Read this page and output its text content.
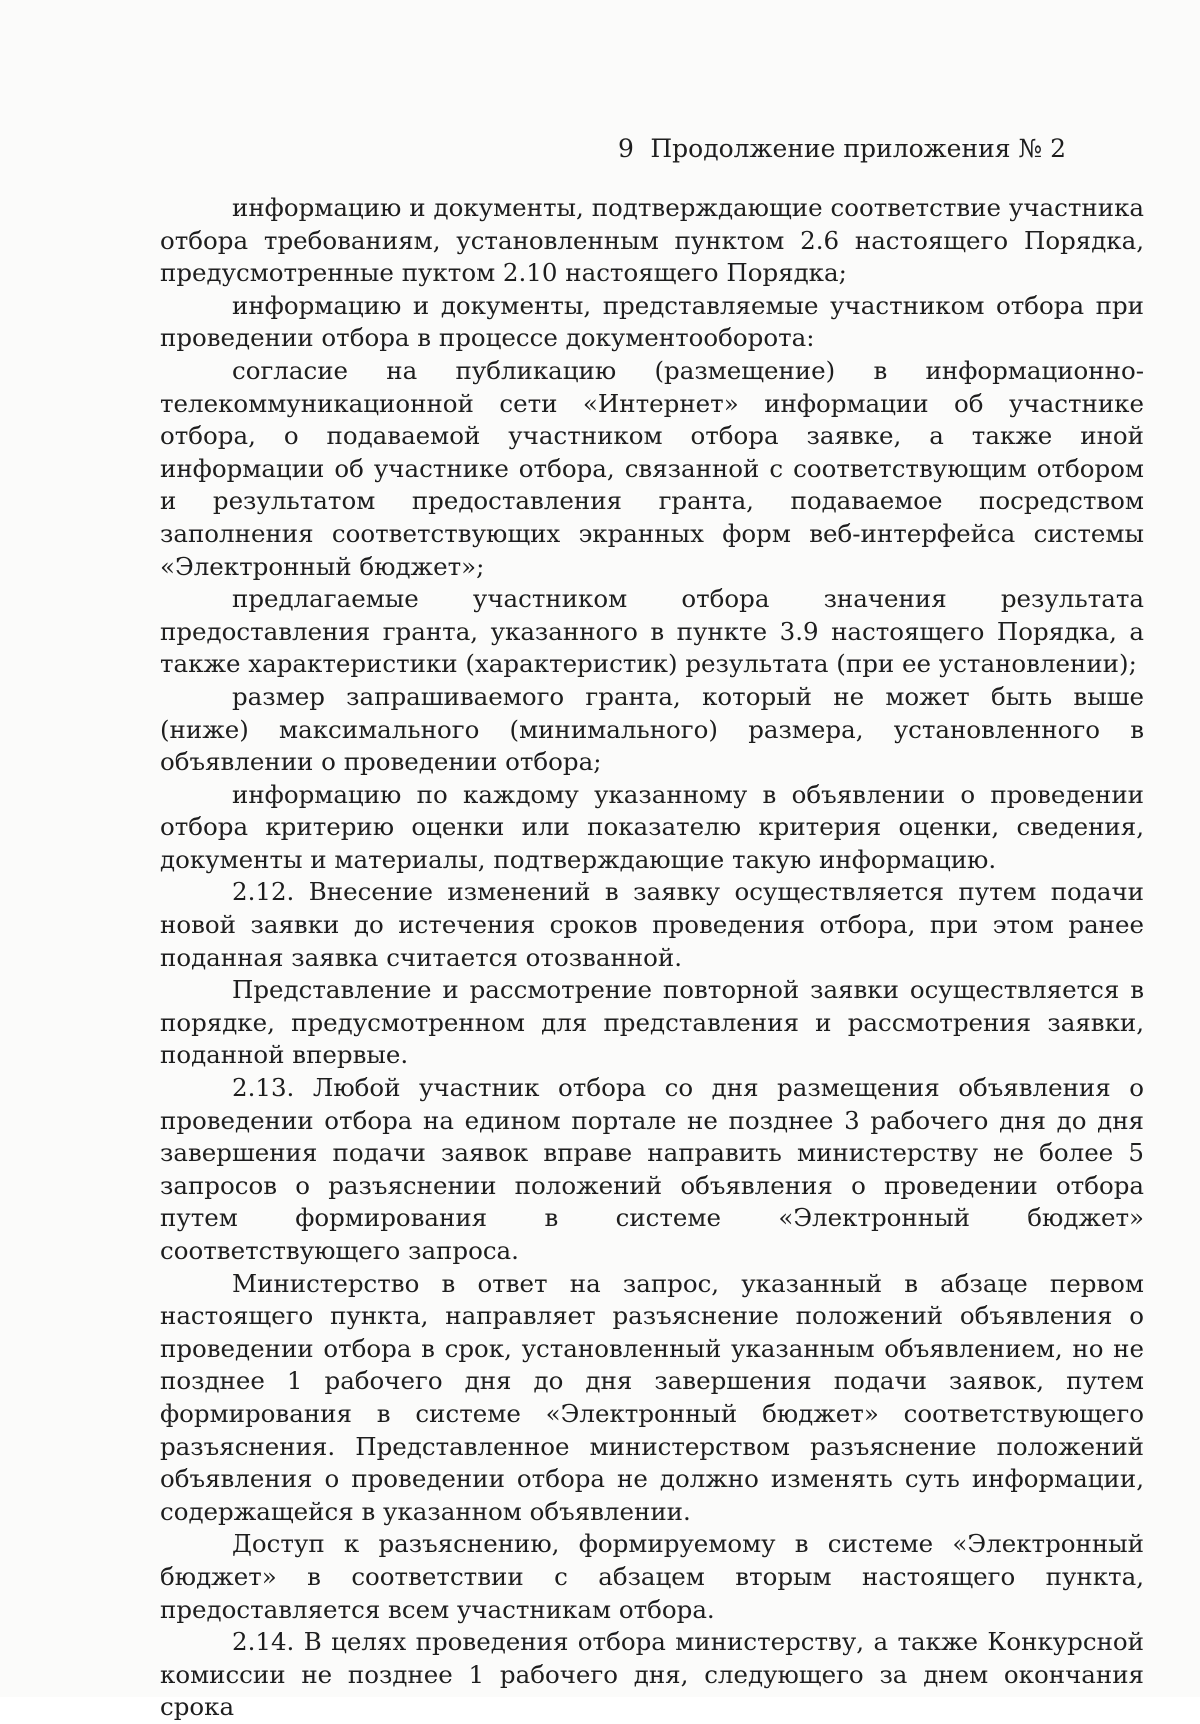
9 Продолжение приложения № 2

информацию и документы, подтверждающие соответствие участника отбора требованиям, установленным пунктом 2.6 настоящего Порядка, предусмотренные пуктом 2.10 настоящего Порядка;

информацию и документы, представляемые участником отбора при проведении отбора в процессе документооборота:

согласие на публикацию (размещение) в информационно-телекоммуникационной сети «Интернет» информации об участнике отбора, о подаваемой участником отбора заявке, а также иной информации об участнике отбора, связанной с соответствующим отбором и результатом предоставления гранта, подаваемое посредством заполнения соответствующих экранных форм веб-интерфейса системы «Электронный бюджет»;

предлагаемые участником отбора значения результата предоставления гранта, указанного в пункте 3.9 настоящего Порядка, а также характеристики (характеристик) результата (при ее установлении);

размер запрашиваемого гранта, который не может быть выше (ниже) максимального (минимального) размера, установленного в объявлении о проведении отбора;

информацию по каждому указанному в объявлении о проведении отбора критерию оценки или показателю критерия оценки, сведения, документы и материалы, подтверждающие такую информацию.

2.12. Внесение изменений в заявку осуществляется путем подачи новой заявки до истечения сроков проведения отбора, при этом ранее поданная заявка считается отозванной.

Представление и рассмотрение повторной заявки осуществляется в порядке, предусмотренном для представления и рассмотрения заявки, поданной впервые.

2.13. Любой участник отбора со дня размещения объявления о проведении отбора на едином портале не позднее 3 рабочего дня до дня завершения подачи заявок вправе направить министерству не более 5 запросов о разъяснении положений объявления о проведении отбора путем формирования в системе «Электронный бюджет» соответствующего запроса.

Министерство в ответ на запрос, указанный в абзаце первом настоящего пункта, направляет разъяснение положений объявления о проведении отбора в срок, установленный указанным объявлением, но не позднее 1 рабочего дня до дня завершения подачи заявок, путем формирования в системе «Электронный бюджет» соответствующего разъяснения. Представленное министерством разъяснение положений объявления о проведении отбора не должно изменять суть информации, содержащейся в указанном объявлении.

Доступ к разъяснению, формируемому в системе «Электронный бюджет» в соответствии с абзацем вторым настоящего пункта, предоставляется всем участникам отбора.

2.14. В целях проведения отбора министерству, а также Конкурсной комиссии не позднее 1 рабочего дня, следующего за днем окончания срока
